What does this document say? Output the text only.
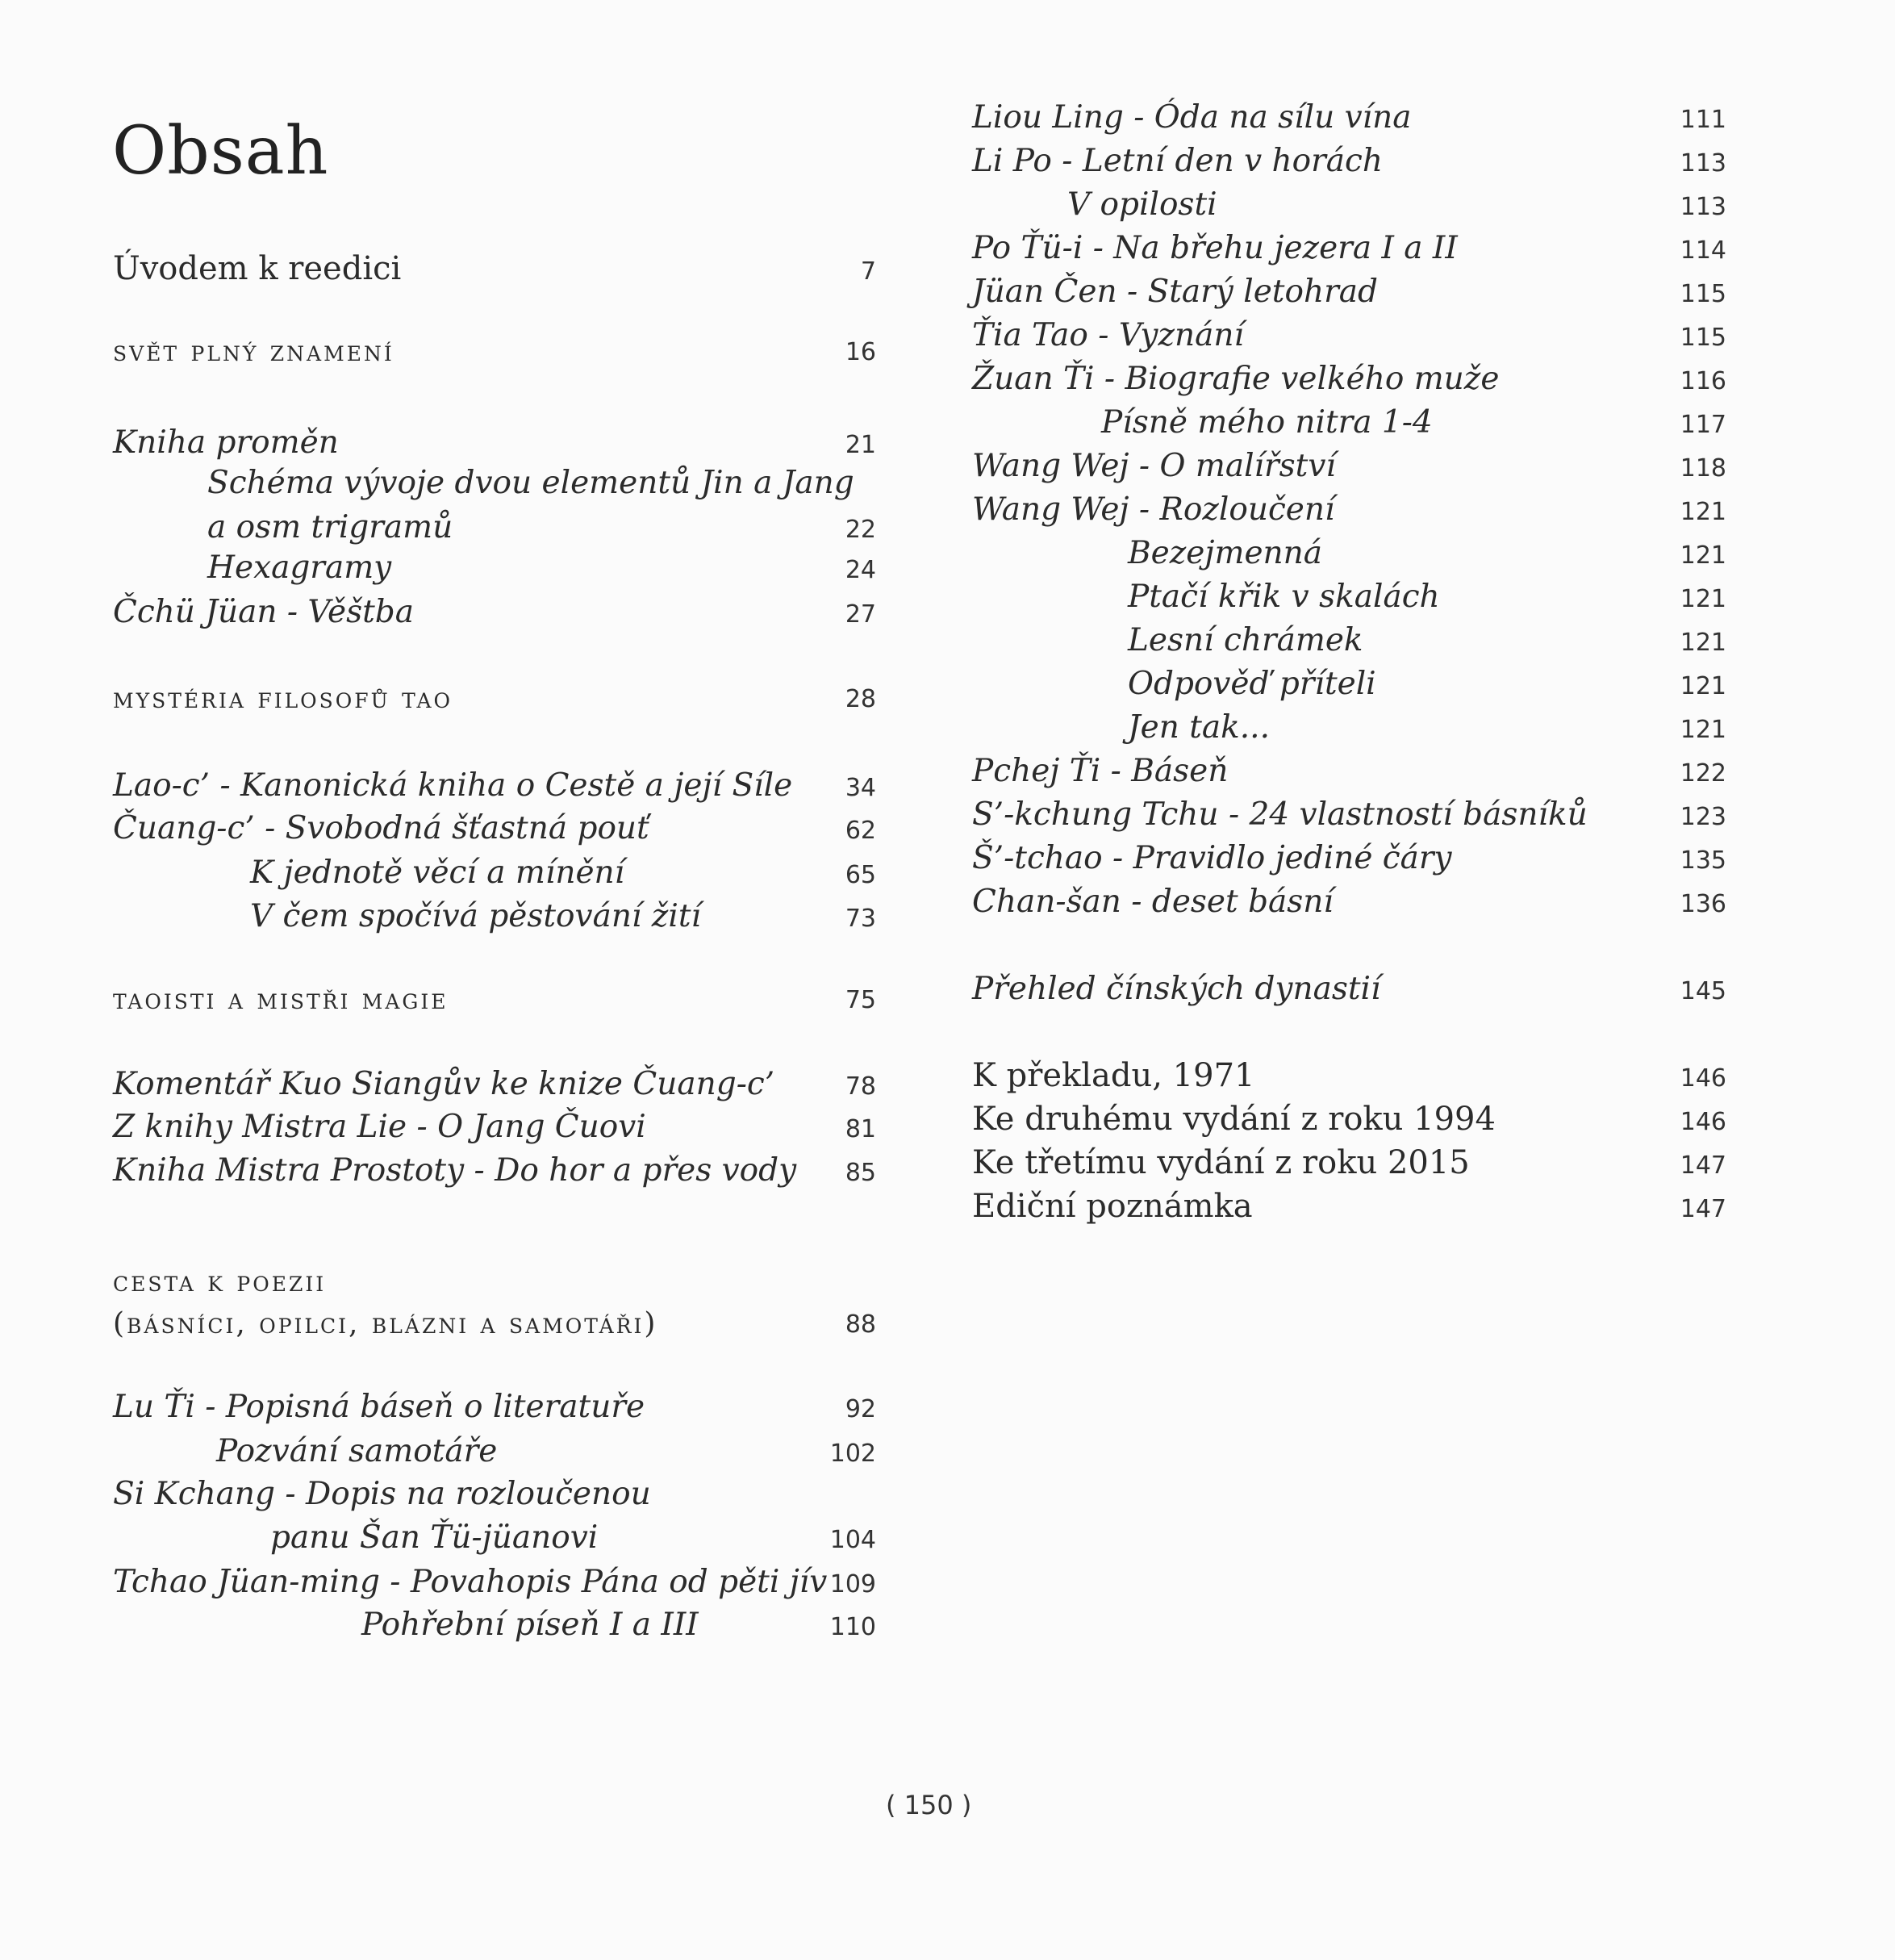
Obsah
Úvodem k reedici	7
svět plný znamení	16
Kniha proměn	21
Schéma vývoje dvou elementů Jin a Jang
a osm trigramů	22
Hexagramy	24
Čchü Jüan - Věštba	27
mystéria filosofů tao	28
Lao-c’ - Kanonická kniha o Cestě a její Síle 34
Čuang-c’ - Svobodná šťastná pouť	62
K jednotě věcí a mínění	65
V čem spočívá pěstování žití	73
taoisti a mistři magie	75
Komentář Kuo Siangův ke knize Čuang-c’	78
Z knihy Mistra Lie - O Jang Čuovi	81
Kniha Mistra Prostoty - Do hor a přes vody 85
cesta k poezii
(básníci, opilci, blázni a samotáři)	88
Lu Ťi - Popisná báseň o literatuře	92
Pozvání samotáře	102
Si Kchang - Dopis na rozloučenou
panu Šan Ťü-jüanovi	104
Tchao Jüan-ming - Povahopis Pána od pěti jív 109
Pohřební píseň I a III	110
Liou Ling - Óda na sílu vína	111
Li Po - Letní den v horách	113
V opilosti	113
Po Ťü-i - Na břehu jezera I a II	114
Jüan Čen - Starý letohrad	115
Ťia Tao - Vyznání	115
Žuan Ťi - Biografie velkého muže	116
Písně mého nitra 1-4	117
Wang Wej - O malířství	118
Wang Wej - Rozloučení	121
Bezejmenná	121
Ptačí křik v skalách	121
Lesní chrámek	121
Odpověď příteli	121
Jen tak...	121
Pchej Ťi - Báseň	122
S’-kchung Tchu - 24 vlastností básníků	123
Š’-tchao - Pravidlo jediné čáry	135
Chan-šan - deset básní	136
Přehled čínských dynastií	145
K překladu, 1971	146
Ke druhému vydání z roku 1994	146
Ke třetímu vydání z roku 2015	147
Ediční poznámka	147
( 150 )
